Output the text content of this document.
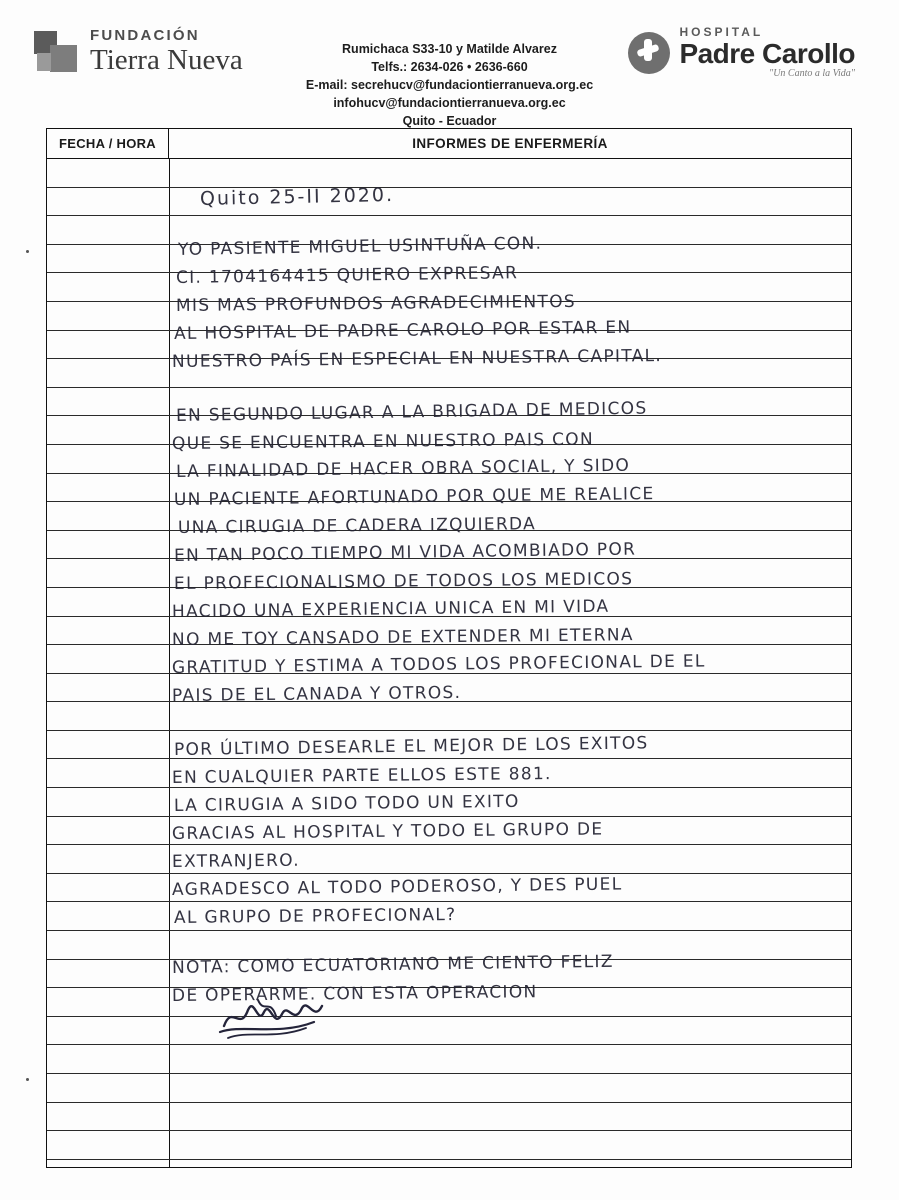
FUNDACIÓN
Tierra Nueva	Rumichaca S33-10 y Matilde Alvarez
Telfs.: 2634-026 • 2636-660
E-mail: secrehucv@fundaciontierranueva.org.ec
infohucv@fundaciontierranueva.org.ec
Quito - Ecuador
HOSPITAL
Padre Carollo
"Un Canto a la Vida"
FECHA / HORA	INFORMES DE ENFERMERÍA
Quito 25-II 2020.
YO PASIENTE MIGUEL USINTUÑA CON.
CI. 1704164415 QUIERO EXPRESAR
MIS MAS PROFUNDOS AGRADECIMIENTOS
AL HOSPITAL DE PADRE CAROLO POR ESTAR EN
NUESTRO PAÍS EN ESPECIAL EN NUESTRA CAPITAL.
EN SEGUNDO LUGAR A LA BRIGADA DE MEDICOS
QUE SE ENCUENTRA EN NUESTRO PAIS CON
LA FINALIDAD DE HACER OBRA SOCIAL, Y SIDO
UN PACIENTE AFORTUNADO POR QUE ME REALICE
UNA CIRUGIA DE CADERA IZQUIERDA
EN TAN POCO TIEMPO MI VIDA ACOMBIADO POR
EL PROFECIONALISMO DE TODOS LOS MEDICOS
HACIDO UNA EXPERIENCIA UNICA EN MI VIDA
NO ME TOY CANSADO DE EXTENDER MI ETERNA
GRATITUD Y ESTIMA A TODOS LOS PROFECIONAL DE EL
PAIS DE EL CANADA Y OTROS.
POR ÚLTIMO DESEARLE EL MEJOR DE LOS EXITOS
EN CUALQUIER PARTE ELLOS ESTE 881.
LA CIRUGIA A SIDO TODO UN EXITO
GRACIAS AL HOSPITAL Y TODO EL GRUPO DE
EXTRANJERO.
AGRADESCO AL TODO PODEROSO, Y DES PUEL
AL GRUPO DE PROFECIONAL?
NOTA: COMO ECUATORIANO ME CIENTO FELIZ
DE OPERARME. CON ESTA OPERACION
